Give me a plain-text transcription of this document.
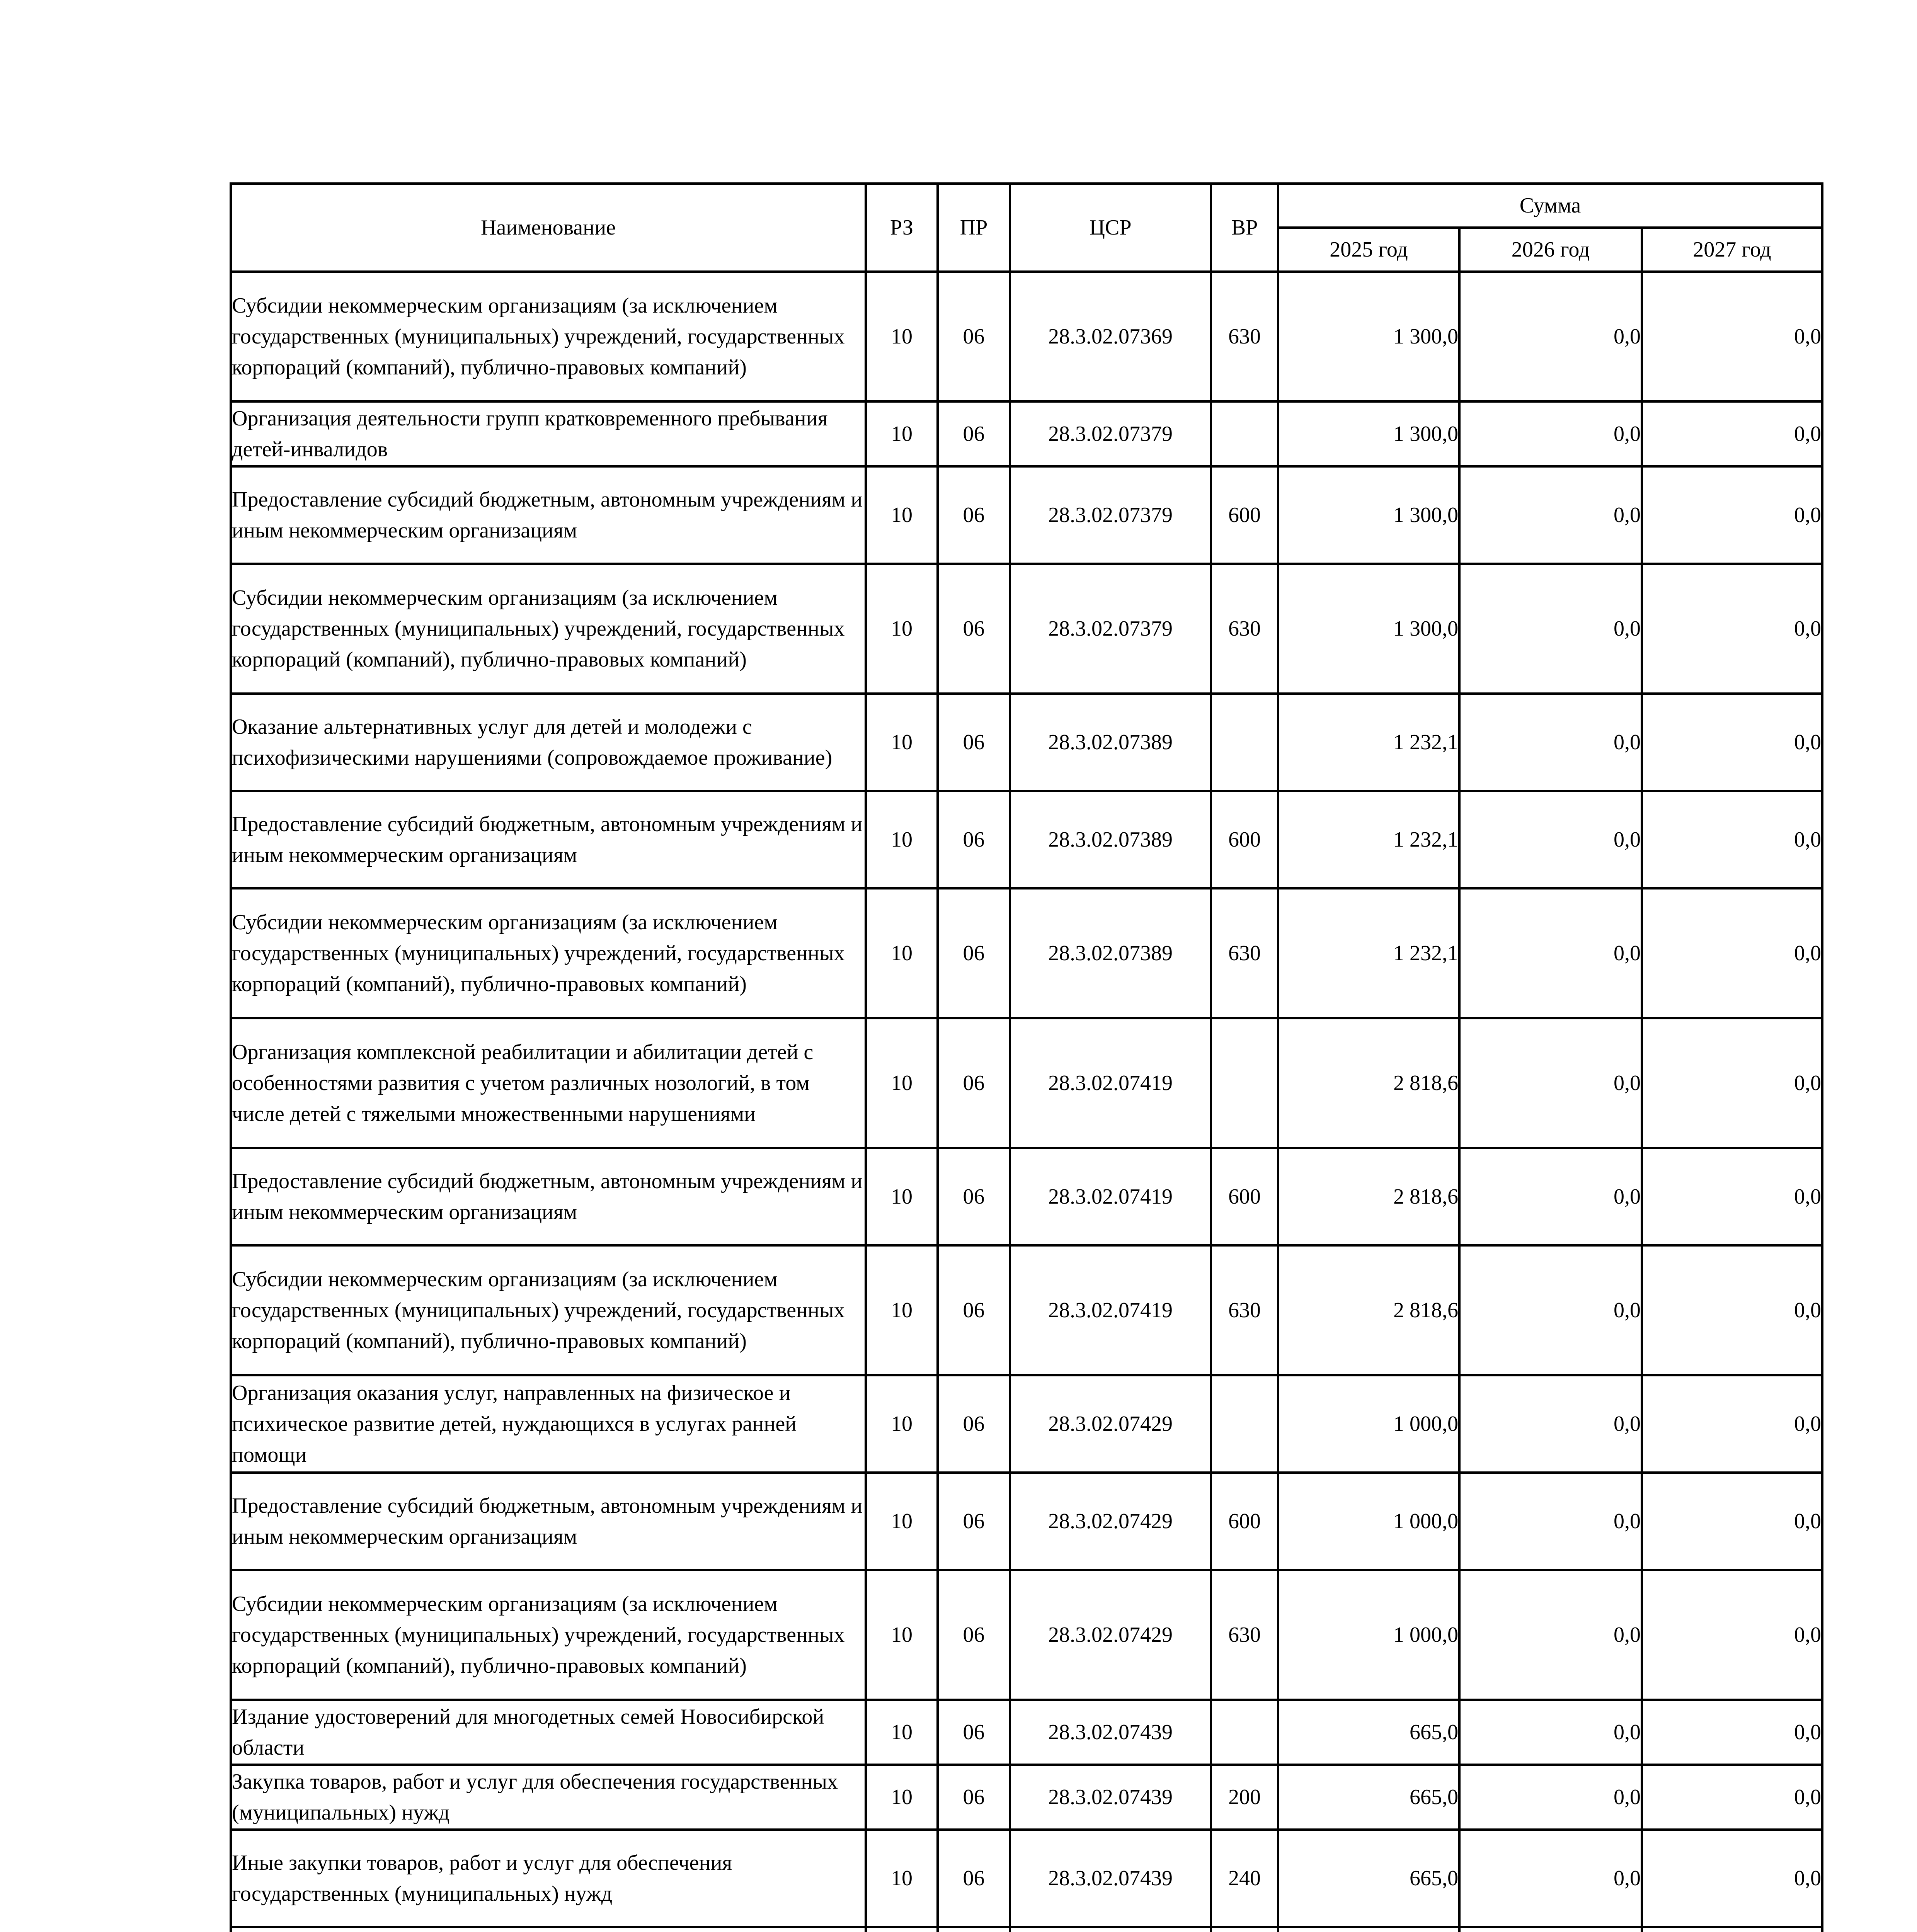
Наименование	РЗ	ПР	ЦСР	ВР	Сумма		
					2025 год	2026 год	2027 год
Субсидии некоммерческим организациям (за исключением государственных (муниципальных) учреждений, государственных корпораций (компаний), публично-правовых компаний)	10	06	28.3.02.07369	630	1 300,0	0,0	0,0
Организация деятельности групп кратковременного пребывания детей-инвалидов	10	06	28.3.02.07379		1 300,0	0,0	0,0
Предоставление субсидий бюджетным, автономным учреждениям и иным некоммерческим организациям	10	06	28.3.02.07379	600	1 300,0	0,0	0,0
Субсидии некоммерческим организациям (за исключением государственных (муниципальных) учреждений, государственных корпораций (компаний), публично-правовых компаний)	10	06	28.3.02.07379	630	1 300,0	0,0	0,0
Оказание альтернативных услуг для детей и молодежи с психофизическими нарушениями (сопровождаемое проживание)	10	06	28.3.02.07389		1 232,1	0,0	0,0
Предоставление субсидий бюджетным, автономным учреждениям и иным некоммерческим организациям	10	06	28.3.02.07389	600	1 232,1	0,0	0,0
Субсидии некоммерческим организациям (за исключением государственных (муниципальных) учреждений, государственных корпораций (компаний), публично-правовых компаний)	10	06	28.3.02.07389	630	1 232,1	0,0	0,0
Организация комплексной реабилитации и абилитации детей с особенностями развития с учетом различных нозологий, в том числе детей с тяжелыми множественными нарушениями	10	06	28.3.02.07419		2 818,6	0,0	0,0
Предоставление субсидий бюджетным, автономным учреждениям и иным некоммерческим организациям	10	06	28.3.02.07419	600	2 818,6	0,0	0,0
Субсидии некоммерческим организациям (за исключением государственных (муниципальных) учреждений, государственных корпораций (компаний), публично-правовых компаний)	10	06	28.3.02.07419	630	2 818,6	0,0	0,0
Организация оказания услуг, направленных на физическое и психическое развитие детей, нуждающихся в услугах ранней помощи	10	06	28.3.02.07429		1 000,0	0,0	0,0
Предоставление субсидий бюджетным, автономным учреждениям и иным некоммерческим организациям	10	06	28.3.02.07429	600	1 000,0	0,0	0,0
Субсидии некоммерческим организациям (за исключением государственных (муниципальных) учреждений, государственных корпораций (компаний), публично-правовых компаний)	10	06	28.3.02.07429	630	1 000,0	0,0	0,0
Издание удостоверений для многодетных семей Новосибирской области	10	06	28.3.02.07439		665,0	0,0	0,0
Закупка товаров, работ и услуг для обеспечения государственных (муниципальных) нужд	10	06	28.3.02.07439	200	665,0	0,0	0,0
Иные закупки товаров, работ и услуг для обеспечения государственных (муниципальных) нужд	10	06	28.3.02.07439	240	665,0	0,0	0,0
